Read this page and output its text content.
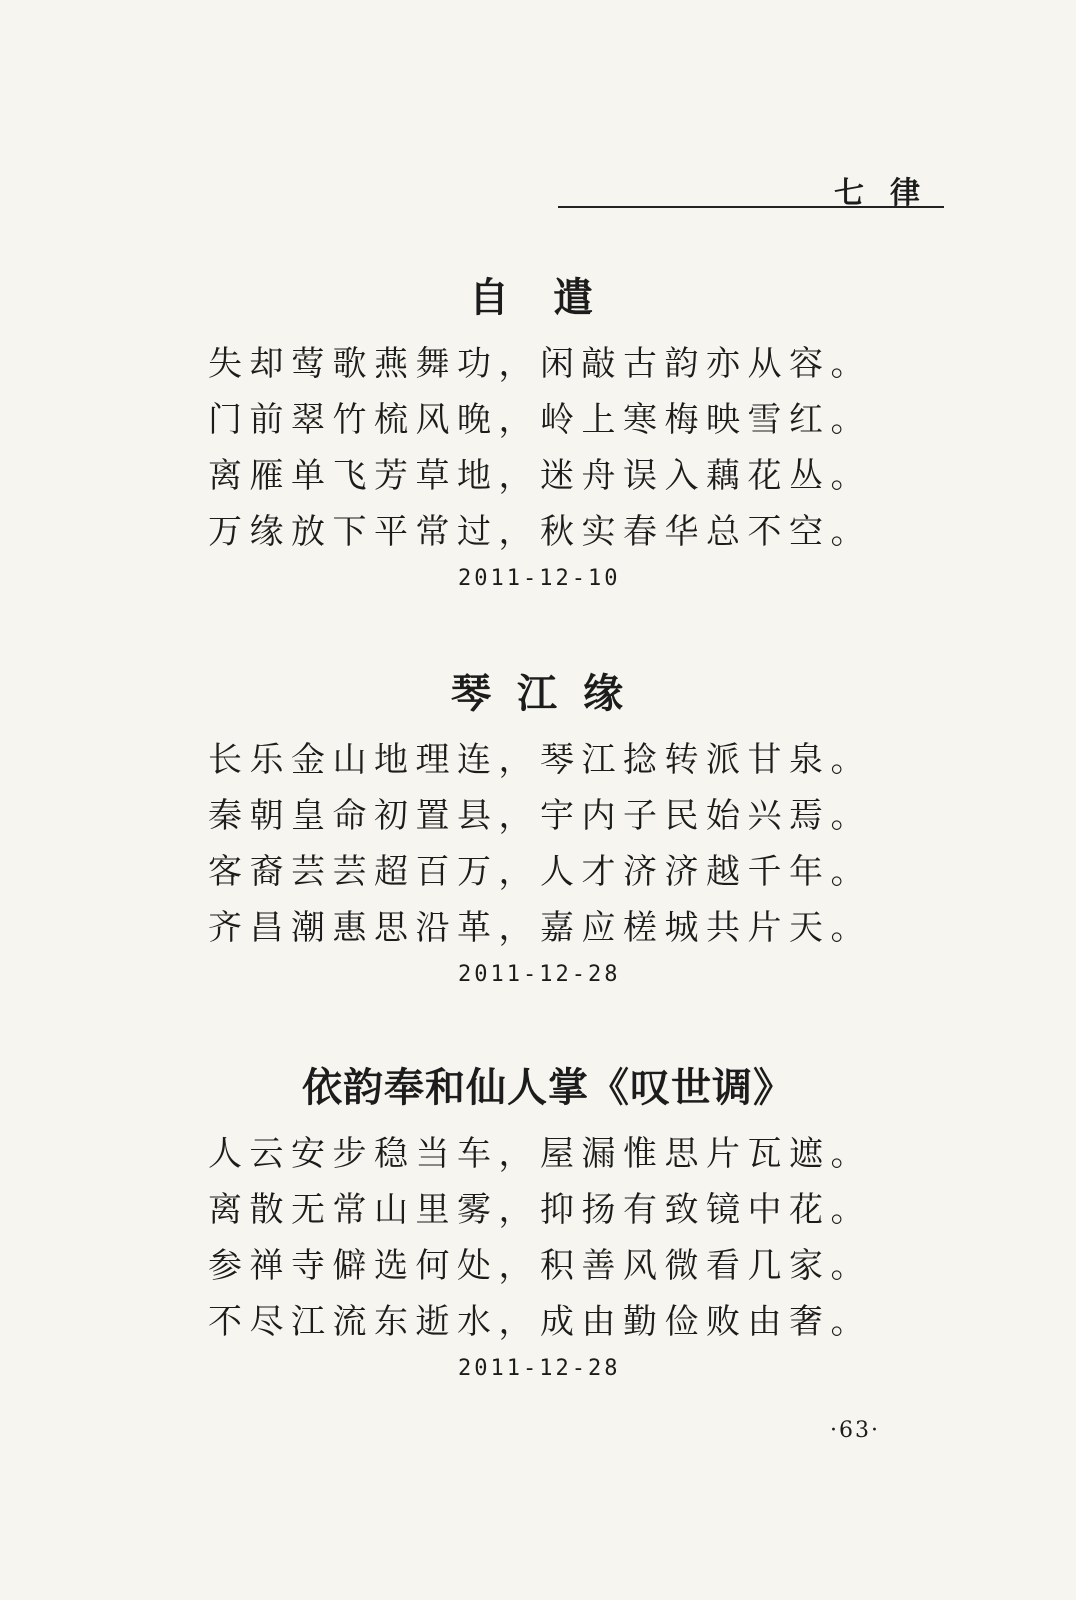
七律
自遣
失却莺歌燕舞功，闲敲古韵亦从容。
门前翠竹梳风晚，岭上寒梅映雪红。
离雁单飞芳草地，迷舟误入藕花丛。
万缘放下平常过，秋实春华总不空。
2011-12-10
琴江缘
长乐金山地理连，琴江捻转派甘泉。
秦朝皇命初置县，宇内子民始兴焉。
客裔芸芸超百万，人才济济越千年。
齐昌潮惠思沿革，嘉应槎城共片天。
2011-12-28
依韵奉和仙人掌《叹世调》
人云安步稳当车，屋漏惟思片瓦遮。
离散无常山里雾，抑扬有致镜中花。
参禅寺僻选何处，积善风微看几家。
不尽江流东逝水，成由勤俭败由奢。
2011-12-28
·63·
